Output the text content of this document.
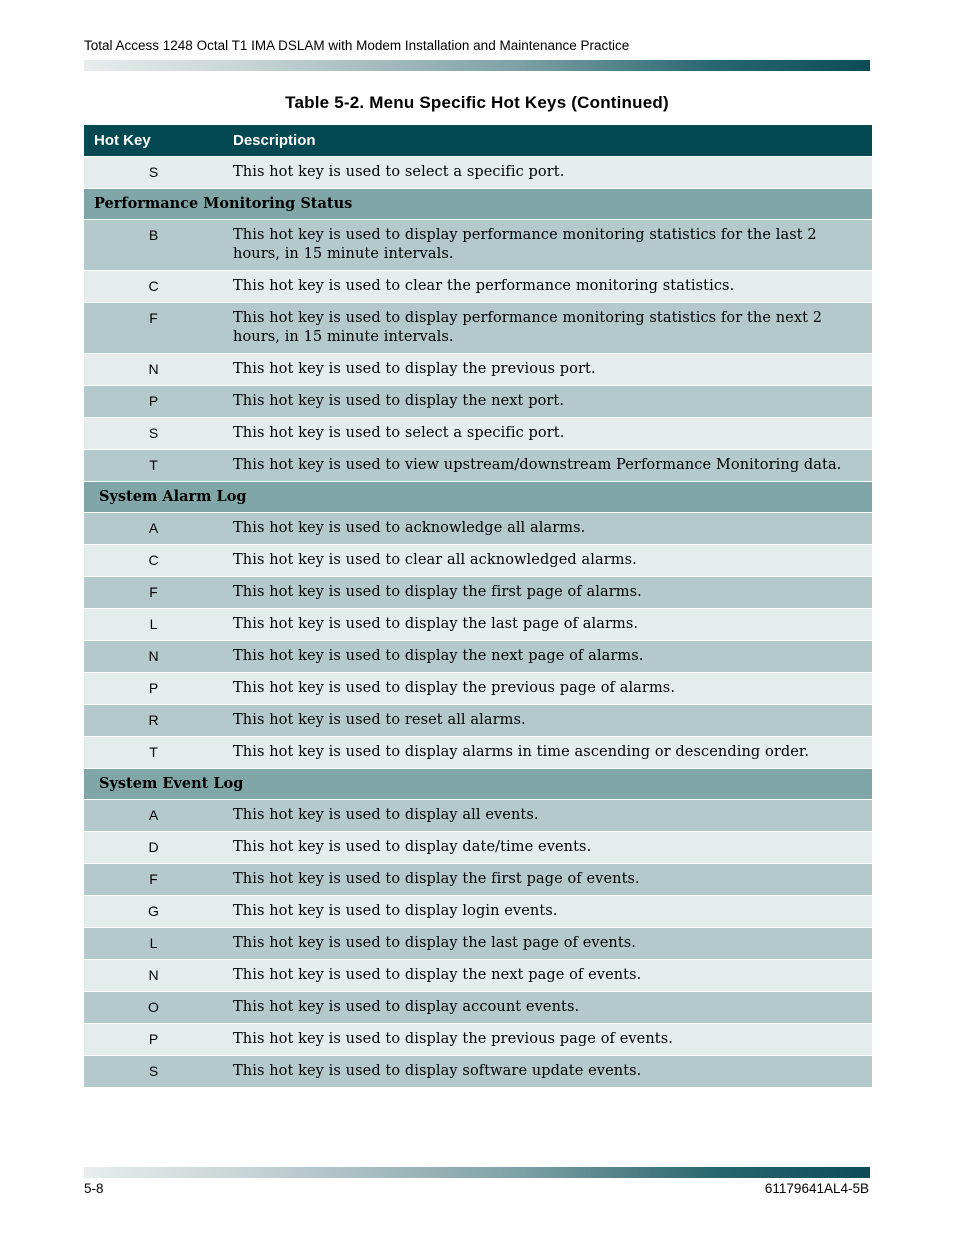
Total Access 1248 Octal T1 IMA DSLAM with Modem Installation and Maintenance Practice
Table 5-2. Menu Specific Hot Keys (Continued)
Hot Key	Description
S	This hot key is used to select a specific port.
Performance Monitoring Status	
B	This hot key is used to display performance monitoring statistics for the last 2 hours, in 15 minute intervals.
C	This hot key is used to clear the performance monitoring statistics.
F	This hot key is used to display performance monitoring statistics for the next 2 hours, in 15 minute intervals.
N	This hot key is used to display the previous port.
P	This hot key is used to display the next port.
S	This hot key is used to select a specific port.
T	This hot key is used to view upstream/downstream Performance Monitoring data.
System Alarm Log	
A	This hot key is used to acknowledge all alarms.
C	This hot key is used to clear all acknowledged alarms.
F	This hot key is used to display the first page of alarms.
L	This hot key is used to display the last page of alarms.
N	This hot key is used to display the next page of alarms.
P	This hot key is used to display the previous page of alarms.
R	This hot key is used to reset all alarms.
T	This hot key is used to display alarms in time ascending or descending order.
System Event Log	
A	This hot key is used to display all events.
D	This hot key is used to display date/time events.
F	This hot key is used to display the first page of events.
G	This hot key is used to display login events.
L	This hot key is used to display the last page of events.
N	This hot key is used to display the next page of events.
O	This hot key is used to display account events.
P	This hot key is used to display the previous page of events.
S	This hot key is used to display software update events.
5-8	61179641AL4-5B
